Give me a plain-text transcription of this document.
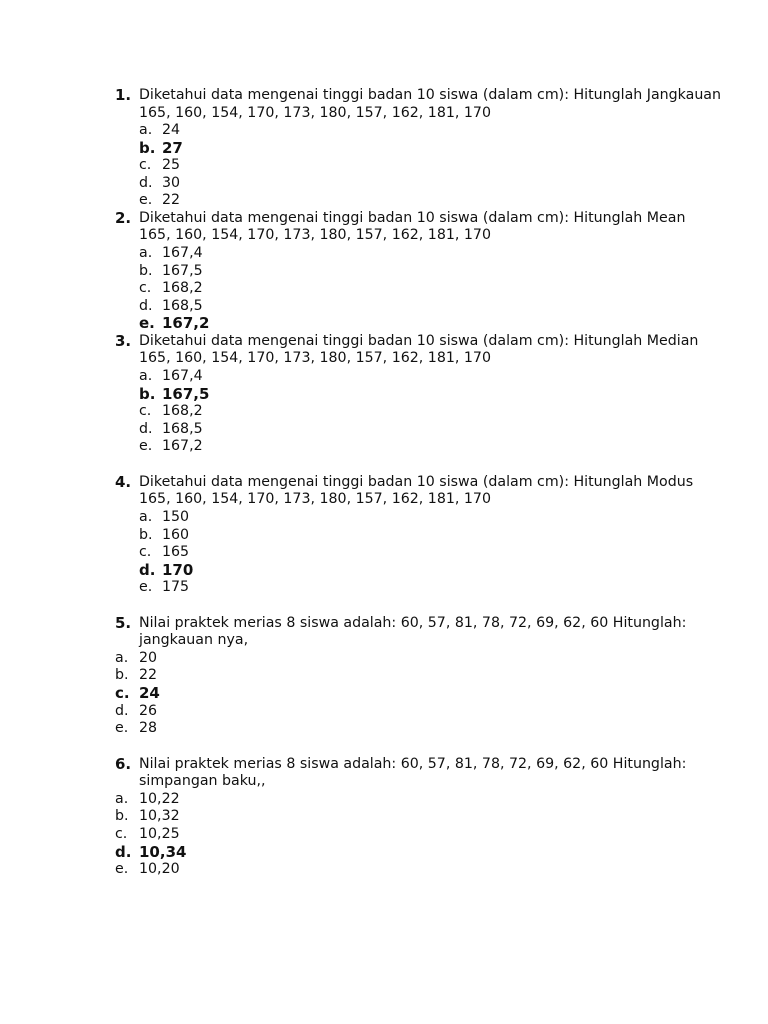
1. Diketahui data mengenai tinggi badan 10 siswa (dalam cm): Hitunglah Jangkauan
165, 160, 154, 170, 173, 180, 157, 162, 181, 170
a. 24
b. 27
c. 25
d. 30
e. 22
2. Diketahui data mengenai tinggi badan 10 siswa (dalam cm): Hitunglah Mean
165, 160, 154, 170, 173, 180, 157, 162, 181, 170
a. 167,4
b. 167,5
c. 168,2
d. 168,5
e. 167,2
3. Diketahui data mengenai tinggi badan 10 siswa (dalam cm): Hitunglah Median
165, 160, 154, 170, 173, 180, 157, 162, 181, 170
a. 167,4
b. 167,5
c. 168,2
d. 168,5
e. 167,2
4. Diketahui data mengenai tinggi badan 10 siswa (dalam cm): Hitunglah Modus
165, 160, 154, 170, 173, 180, 157, 162, 181, 170
a. 150
b. 160
c. 165
d. 170
e. 175
5. Nilai praktek merias 8 siswa adalah: 60, 57, 81, 78, 72, 69, 62, 60 Hitunglah:
jangkauan nya,
a. 20
b. 22
c. 24
d. 26
e. 28
6. Nilai praktek merias 8 siswa adalah: 60, 57, 81, 78, 72, 69, 62, 60 Hitunglah:
simpangan baku,,
a. 10,22
b. 10,32
c. 10,25
d. 10,34
e. 10,20
